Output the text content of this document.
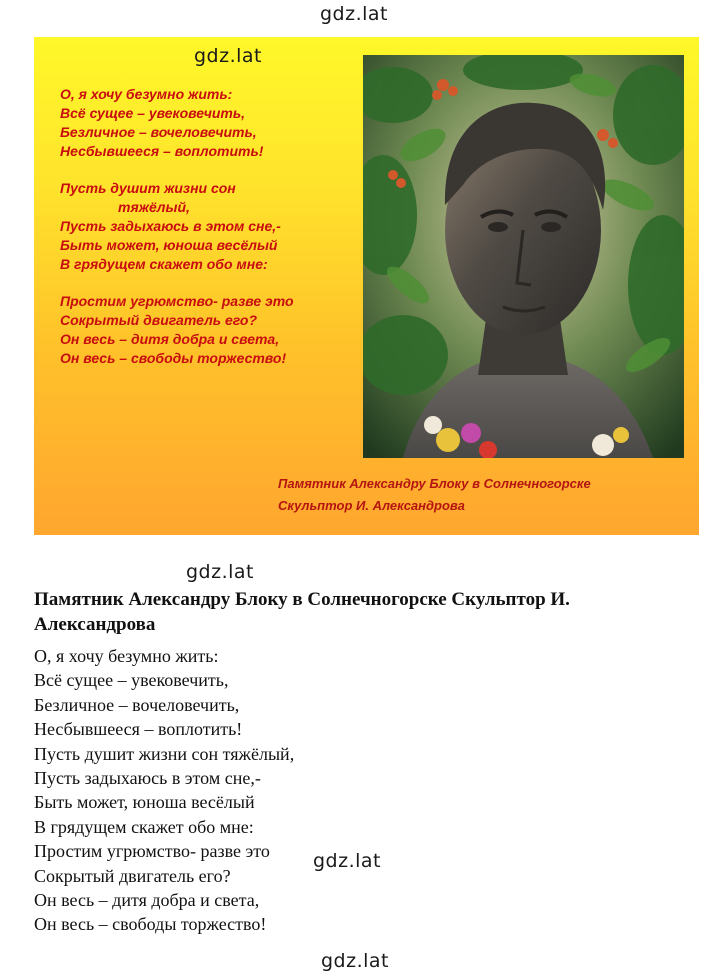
gdz.lat
gdz.lat
О, я хочу безумно жить:
Всё сущее – увековечить,
Безличное – вочеловечить,
Несбывшееся – воплотить!
Пусть душит жизни сон
тяжёлый,
Пусть задыхаюсь в этом сне,-
Быть может, юноша весёлый
В грядущем скажет обо мне:
Простим угрюмство- разве это
Сокрытый двигатель его?
Он весь – дитя добра и света,
Он весь – свободы торжество!
Памятник Александру Блоку в Солнечногорске
Скульптор И. Александрова
gdz.lat
Памятник Александру Блоку в Солнечногорске Скульптор И. Александрова
О, я хочу безумно жить:
Всё сущее – увековечить,
Безличное – вочеловечить,
Несбывшееся – воплотить!
Пусть душит жизни сон тяжёлый,
Пусть задыхаюсь в этом сне,-
Быть может, юноша весёлый
В грядущем скажет обо мне:
Простим угрюмство- разве это
Сокрытый двигатель его?
Он весь – дитя добра и света,
Он весь – свободы торжество!
gdz.lat
gdz.lat
